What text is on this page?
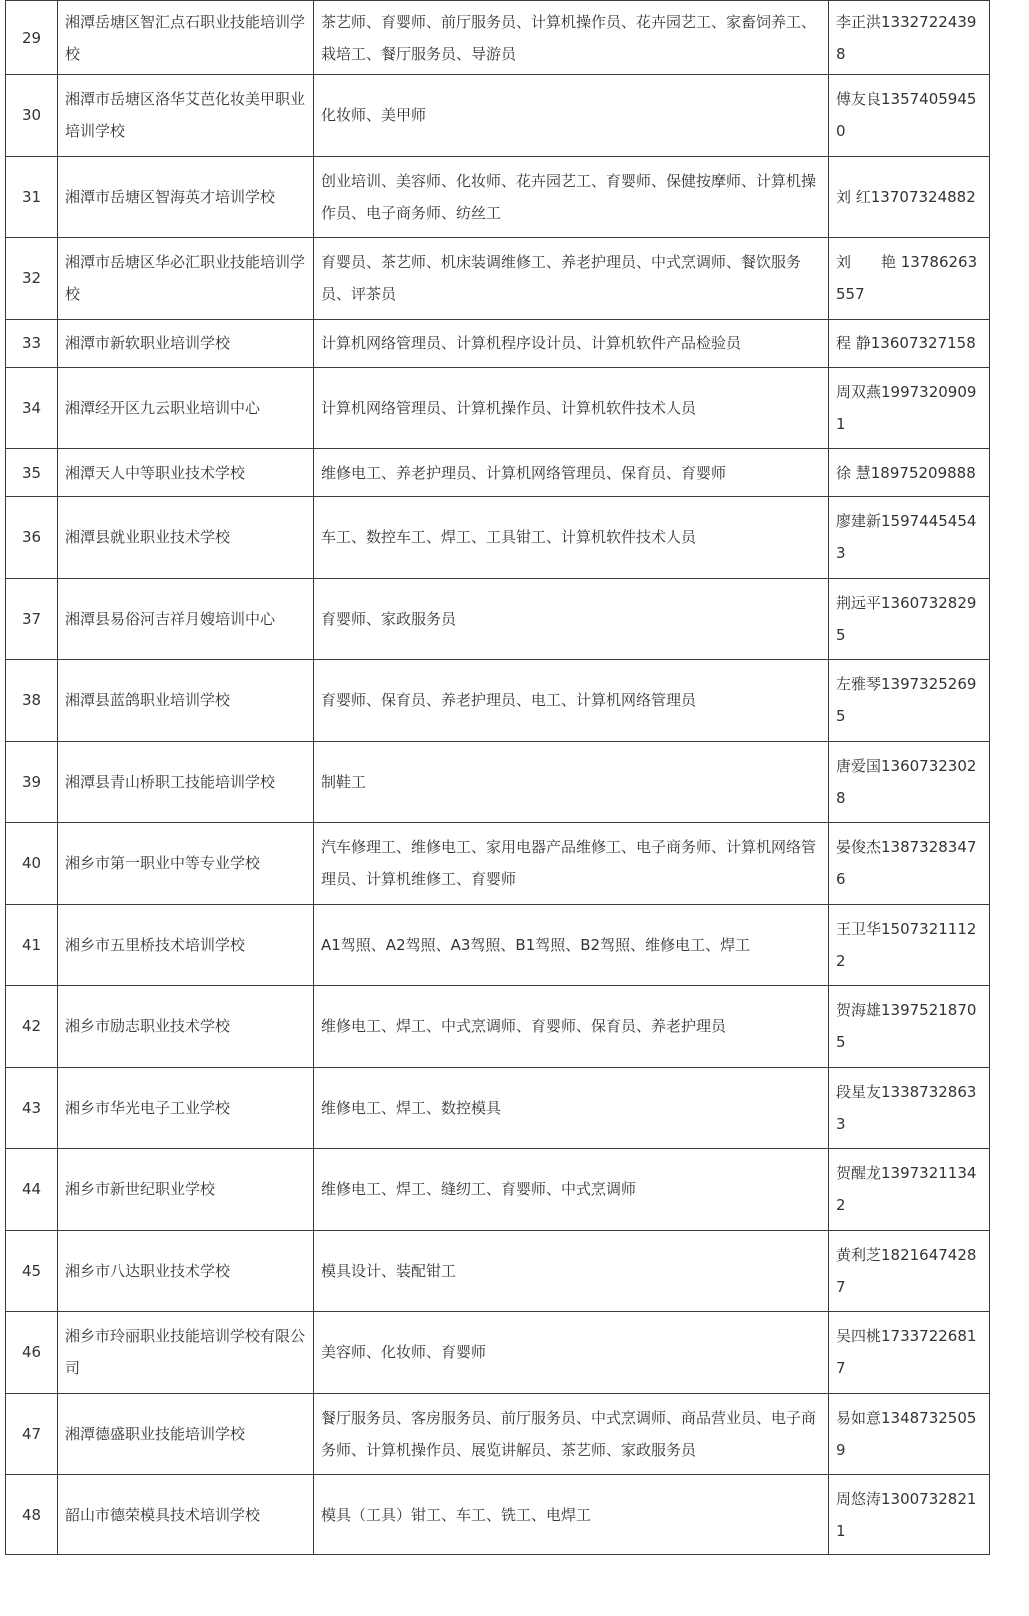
29	湘潭岳塘区智汇点石职业技能培训学校	茶艺师、育婴师、前厅服务员、计算机操作员、花卉园艺工、家畜饲养工、栽培工、餐厅服务员、导游员	李正洪13327224398
30	湘潭市岳塘区洛华艾芭化妆美甲职业培训学校	化妆师、美甲师	傅友良13574059450
31	湘潭市岳塘区智海英才培训学校	创业培训、美容师、化妆师、花卉园艺工、育婴师、保健按摩师、计算机操作员、电子商务师、纺丝工	刘 红13707324882
32	湘潭市岳塘区华必汇职业技能培训学校	育婴员、茶艺师、机床装调维修工、养老护理员、中式烹调师、餐饮服务员、评茶员	刘　　艳 13786263557
33	湘潭市新软职业培训学校	计算机网络管理员、计算机程序设计员、计算机软件产品检验员	程 静13607327158
34	湘潭经开区九云职业培训中心	计算机网络管理员、计算机操作员、计算机软件技术人员	周双燕19973209091
35	湘潭天人中等职业技术学校	维修电工、养老护理员、计算机网络管理员、保育员、育婴师	徐 慧18975209888
36	湘潭县就业职业技术学校	车工、数控车工、焊工、工具钳工、计算机软件技术人员	廖建新15974454543
37	湘潭县易俗河吉祥月嫂培训中心	育婴师、家政服务员	荆远平13607328295
38	湘潭县蓝鸽职业培训学校	育婴师、保育员、养老护理员、电工、计算机网络管理员	左雅琴13973252695
39	湘潭县青山桥职工技能培训学校	制鞋工	唐爱国13607323028
40	湘乡市第一职业中等专业学校	汽车修理工、维修电工、家用电器产品维修工、电子商务师、计算机网络管理员、计算机维修工、育婴师	晏俊杰13873283476
41	湘乡市五里桥技术培训学校	A1驾照、A2驾照、A3驾照、B1驾照、B2驾照、维修电工、焊工	王卫华15073211122
42	湘乡市励志职业技术学校	维修电工、焊工、中式烹调师、育婴师、保育员、养老护理员	贺海雄13975218705
43	湘乡市华光电子工业学校	维修电工、焊工、数控模具	段星友13387328633
44	湘乡市新世纪职业学校	维修电工、焊工、缝纫工、育婴师、中式烹调师	贺醒龙13973211342
45	湘乡市八达职业技术学校	模具设计、装配钳工	黄利芝18216474287
46	湘乡市玲丽职业技能培训学校有限公司	美容师、化妆师、育婴师	吴四桃17337226817
47	湘潭德盛职业技能培训学校	餐厅服务员、客房服务员、前厅服务员、中式烹调师、商品营业员、电子商务师、计算机操作员、展览讲解员、茶艺师、家政服务员	易如意13487325059
48	韶山市德荣模具技术培训学校	模具（工具）钳工、车工、铣工、电焊工	周悠涛13007328211
